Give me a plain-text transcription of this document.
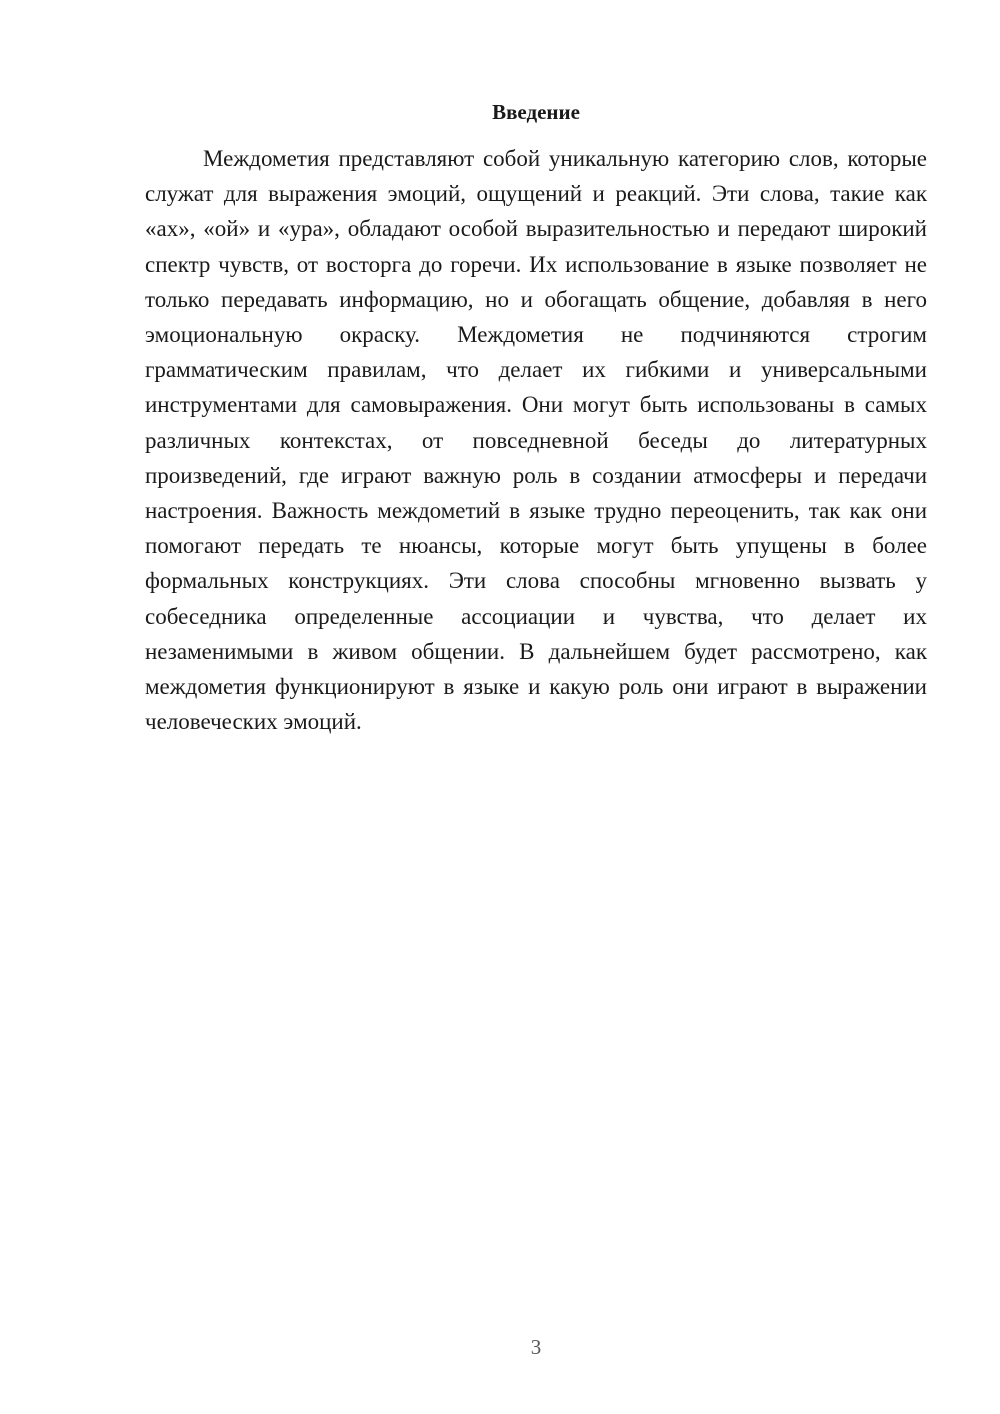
Введение

Междометия представляют собой уникальную категорию слов, которые служат для выражения эмоций, ощущений и реакций. Эти слова, такие как «ах», «ой» и «ура», обладают особой выразительностью и передают широкий спектр чувств, от восторга до горечи. Их использование в языке позволяет не только передавать информацию, но и обогащать общение, добавляя в него эмоциональную окраску. Междометия не подчиняются строгим грамматическим правилам, что делает их гибкими и универсальными инструментами для самовыражения. Они могут быть использованы в самых различных контекстах, от повседневной беседы до литературных произведений, где играют важную роль в создании атмосферы и передачи настроения. Важность междометий в языке трудно переоценить, так как они помогают передать те нюансы, которые могут быть упущены в более формальных конструкциях. Эти слова способны мгновенно вызвать у собеседника определенные ассоциации и чувства, что делает их незаменимыми в живом общении. В дальнейшем будет рассмотрено, как междометия функционируют в языке и какую роль они играют в выражении человеческих эмоций.

3
